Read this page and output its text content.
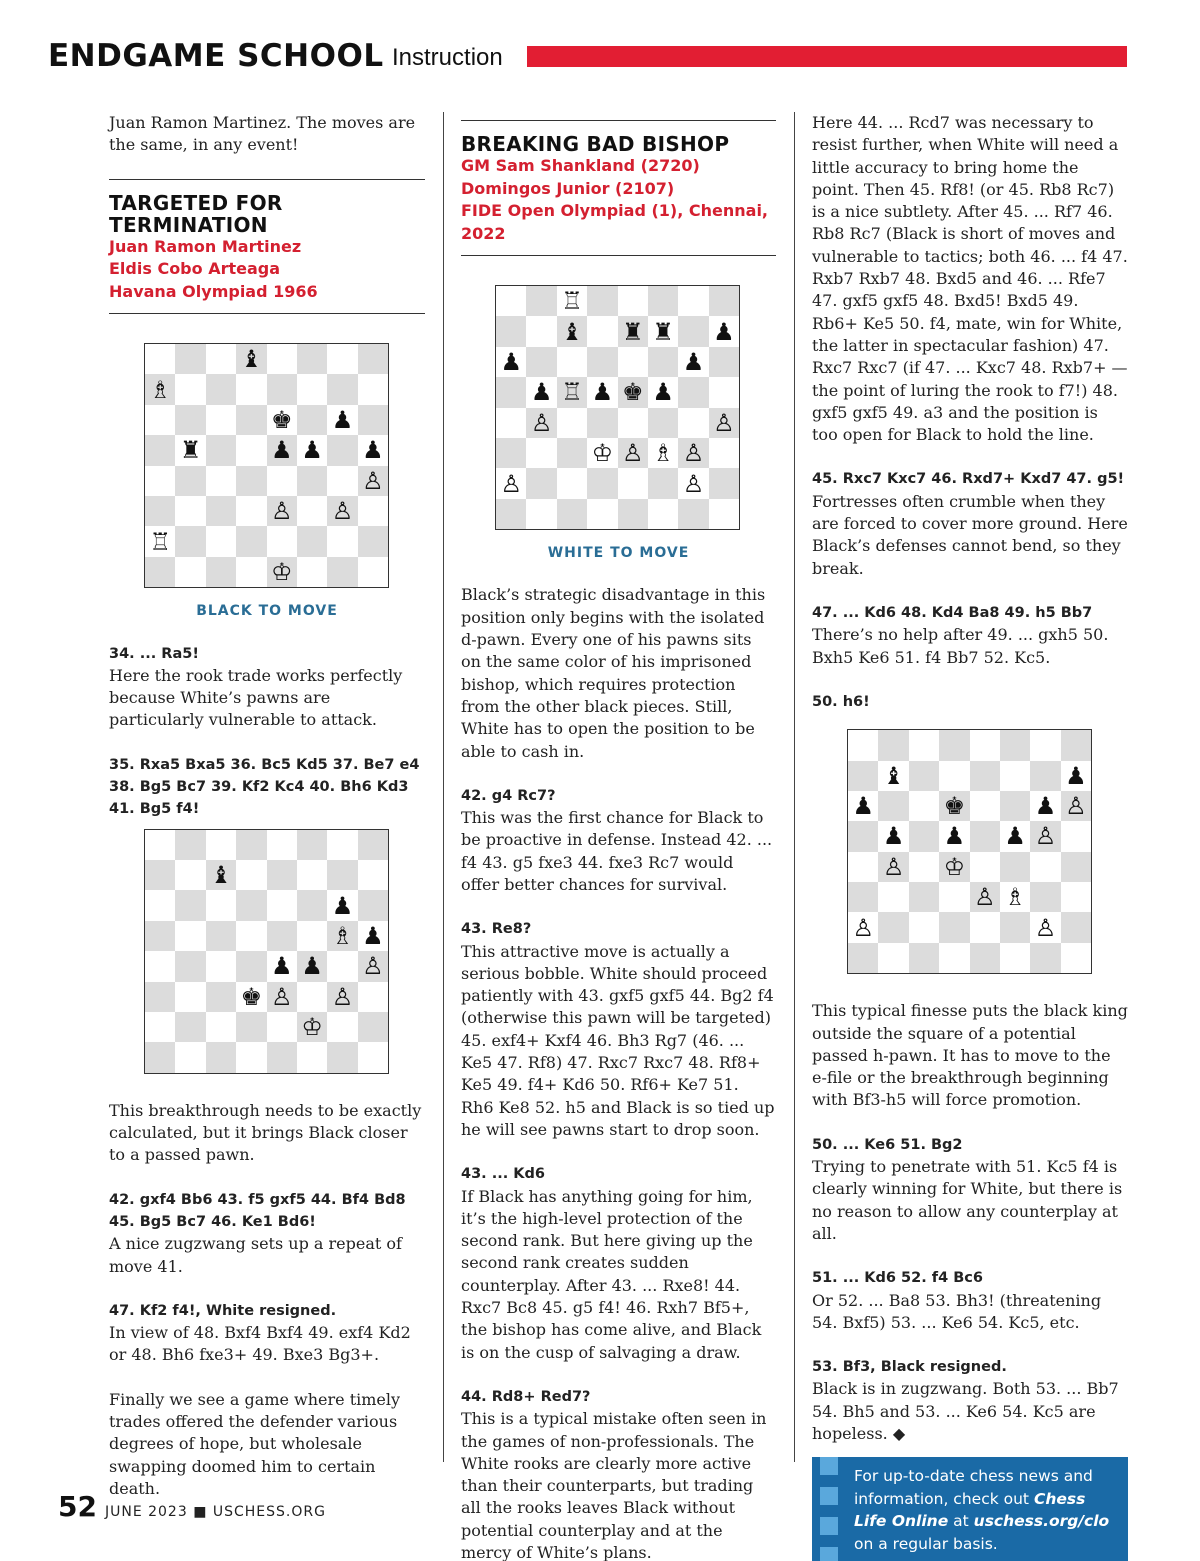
ENDGAME SCHOOL Instruction

Juan Ramon Martinez. The moves are the same, in any event!

TARGETED FOR TERMINATION
Juan Ramon Martinez
Eldis Cobo Arteaga
Havana Olympiad 1966
♝
♗
♚ ♟
♜	♟ ♟ ♟
♙
♙ ♙
♖
♔
BLACK TO MOVE

34. ... Ra5!

Here the rook trade works perfectly because White’s pawns are particularly vulnerable to attack.

35. Rxa5 Bxa5 36. Bc5 Kd5 37. Be7 e4 38. Bg5 Bc7 39. Kf2 Kc4 40. Bh6 Kd3 41. Bg5 f4!

♝
♟
♗ ♟
♟ ♟ ♙
♚ ♙ ♙
♔

This breakthrough needs to be exactly calculated, but it brings Black closer to a passed pawn.

42. gxf4 Bb6 43. f5 gxf5 44. Bf4 Bd8 45. Bg5 Bc7 46. Ke1 Bd6!

A nice zugzwang sets up a repeat of move 41.

47. Kf2 f4!, White resigned.

In view of 48. Bxf4 Bxf4 49. exf4 Kd2 or 48. Bh6 fxe3+ 49. Bxe3 Bg3+.

Finally we see a game where timely trades offered the defender various degrees of hope, but wholesale swapping doomed him to certain death.

BREAKING BAD BISHOP
GM Sam Shankland (2720)
Domingos Junior (2107)
FIDE Open Olympiad (1), Chennai, 2022
♖
♝ ♜ ♜ ♟
♟	♟
♟ ♖ ♟ ♚ ♟
♙	♙
♔ ♙ ♗ ♙
♙	♙
WHITE TO MOVE

Black’s strategic disadvantage in this position only begins with the isolated d-pawn. Every one of his pawns sits on the same color of his imprisoned bishop, which requires protection from the other black pieces. Still, White has to open the position to be able to cash in.

42. g4 Rc7?

This was the first chance for Black to be proactive in defense. Instead 42. ... f4 43. g5 fxe3 44. fxe3 Rc7 would offer better chances for survival.

43. Re8?

This attractive move is actually a serious bobble. White should proceed patiently with 43. gxf5 gxf5 44. Bg2 f4 (otherwise this pawn will be targeted) 45. exf4+ Kxf4 46. Bh3 Rg7 (46. ... Ke5 47. Rf8) 47. Rxc7 Rxc7 48. Rf8+ Ke5 49. f4+ Kd6 50. Rf6+ Ke7 51. Rh6 Ke8 52. h5 and Black is so tied up he will see pawns start to drop soon.

43. ... Kd6

If Black has anything going for him, it’s the high-level protection of the second rank. But here giving up the second rank creates sudden counterplay. After 43. ... Rxe8! 44. Rxc7 Bc8 45. g5 f4! 46. Rxh7 Bf5+, the bishop has come alive, and Black is on the cusp of salvaging a draw.

44. Rd8+ Red7?

This is a typical mistake often seen in the games of non-professionals. The White rooks are clearly more active than their counterparts, but trading all the rooks leaves Black without potential counterplay and at the mercy of White’s plans.

Here 44. ... Rcd7 was necessary to resist further, when White will need a little accuracy to bring home the point. Then 45. Rf8! (or 45. Rb8 Rc7) is a nice subtlety. After 45. ... Rf7 46. Rb8 Rc7 (Black is short of moves and vulnerable to tactics; both 46. ... f4 47. Rxb7 Rxb7 48. Bxd5 and 46. ... Rfe7 47. gxf5 gxf5 48. Bxd5! Bxd5 49. Rb6+ Ke5 50. f4, mate, win for White, the latter in spectacular fashion) 47. Rxc7 Rxc7 (if 47. ... Kxc7 48. Rxb7+ — the point of luring the rook to f7!) 48. gxf5 gxf5 49. a3 and the position is too open for Black to hold the line.

45. Rxc7 Kxc7 46. Rxd7+ Kxd7 47. g5!

Fortresses often crumble when they are forced to cover more ground. Here Black’s defenses cannot bend, so they break.

47. ... Kd6 48. Kd4 Ba8 49. h5 Bb7

There’s no help after 49. ... gxh5 50. Bxh5 Ke6 51. f4 Bb7 52. Kc5.

50. h6!

♝	♟
♟	♚	♟ ♙
♟ ♟ ♟ ♙
♙ ♔
♙ ♗
♙	♙

This typical finesse puts the black king outside the square of a potential passed h-pawn. It has to move to the e-file or the breakthrough beginning with Bf3-h5 will force promotion.

50. ... Ke6 51. Bg2

Trying to penetrate with 51. Kc5 f4 is clearly winning for White, but there is no reason to allow any counterplay at all.

51. ... Kd6 52. f4 Bc6

Or 52. ... Ba8 53. Bh3! (threatening 54. Bxf5) 53. ... Ke6 54. Kc5, etc.

53. Bf3, Black resigned.

Black is in zugzwang. Both 53. ... Bb7 54. Bh5 and 53. ... Ke6 54. Kc5 are hopeless. ◆

For up-to-date chess news and information, check out Chess Life Online at uschess.org/clo on a regular basis.
52 JUNE 2023 ■ USCHESS.ORG
